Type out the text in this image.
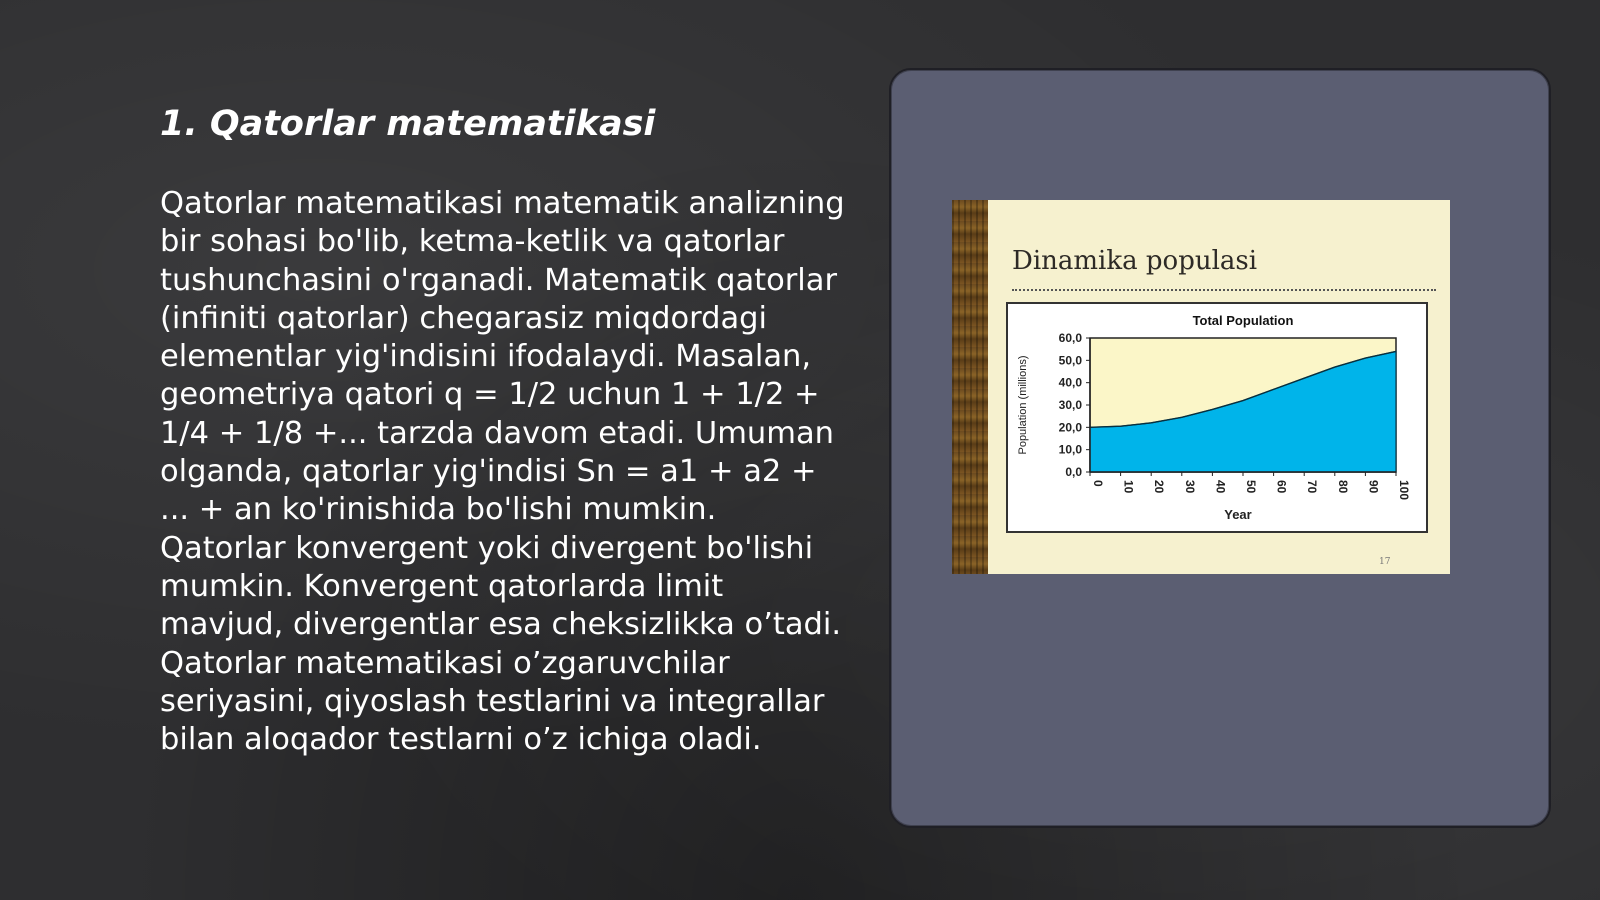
1. Qatorlar matematikasi

Qatorlar matematikasi matematik analizning bir sohasi bo'lib, ketma-ketlik va qatorlar tushunchasini o'rganadi. Matematik qatorlar (infiniti qatorlar) chegarasiz miqdordagi elementlar yig'indisini ifodalaydi. Masalan, geometriya qatori q = 1/2 uchun 1 + 1/2 + 1/4 + 1/8 +... tarzda davom etadi. Umuman olganda, qatorlar yig'indisi Sn = a1 + a2 + ... + an ko'rinishida bo'lishi mumkin. Qatorlar konvergent yoki divergent bo'lishi mumkin. Konvergent qatorlarda limit mavjud, divergentlar esa cheksizlikka o’tadi. Qatorlar matematikasi o’zgaruvchilar seriyasini, qiyoslash testlarini va integrallar bilan aloqador testlarni o’z ichiga oladi.

Dinamika populasi
0,0
10,0
20,0
30,0
40,0
50,0
60,0
0 10 20 30 40 50 60 70 80 90 100
Total Population
Year
Population (millions)
17
